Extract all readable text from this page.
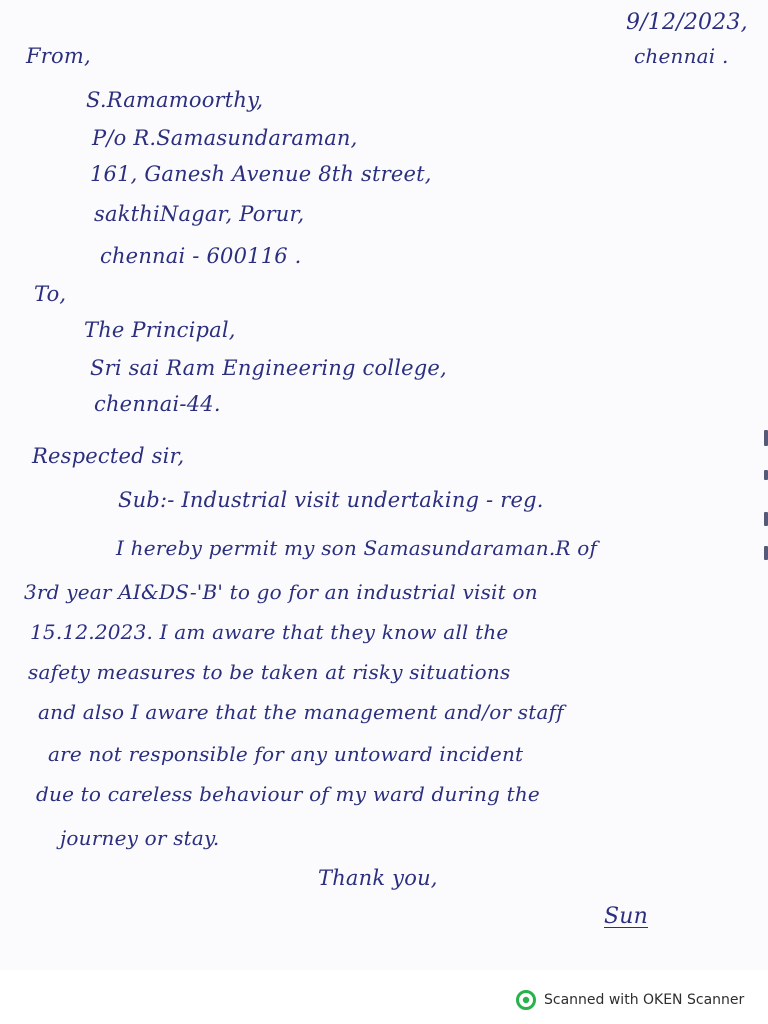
9/12/2023,
chennai .
From,
S.Ramamoorthy,
P/o R.Samasundaraman,
161, Ganesh Avenue 8th street,
sakthiNagar, Porur,
chennai - 600116 .
To,
The Principal,
Sri sai Ram Engineering college,
chennai-44.
Respected sir,
Sub:- Industrial visit undertaking - reg.
I hereby permit my son Samasundaraman.R of
3rd year AI&DS-'B' to go for an industrial visit on
15.12.2023. I am aware that they know all the
safety measures to be taken at risky situations
and also I aware that the management and/or staff
are not responsible for any untoward incident
due to careless behaviour of my ward during the
journey or stay.
Thank you,
Sun
Scanned with OKEN Scanner
